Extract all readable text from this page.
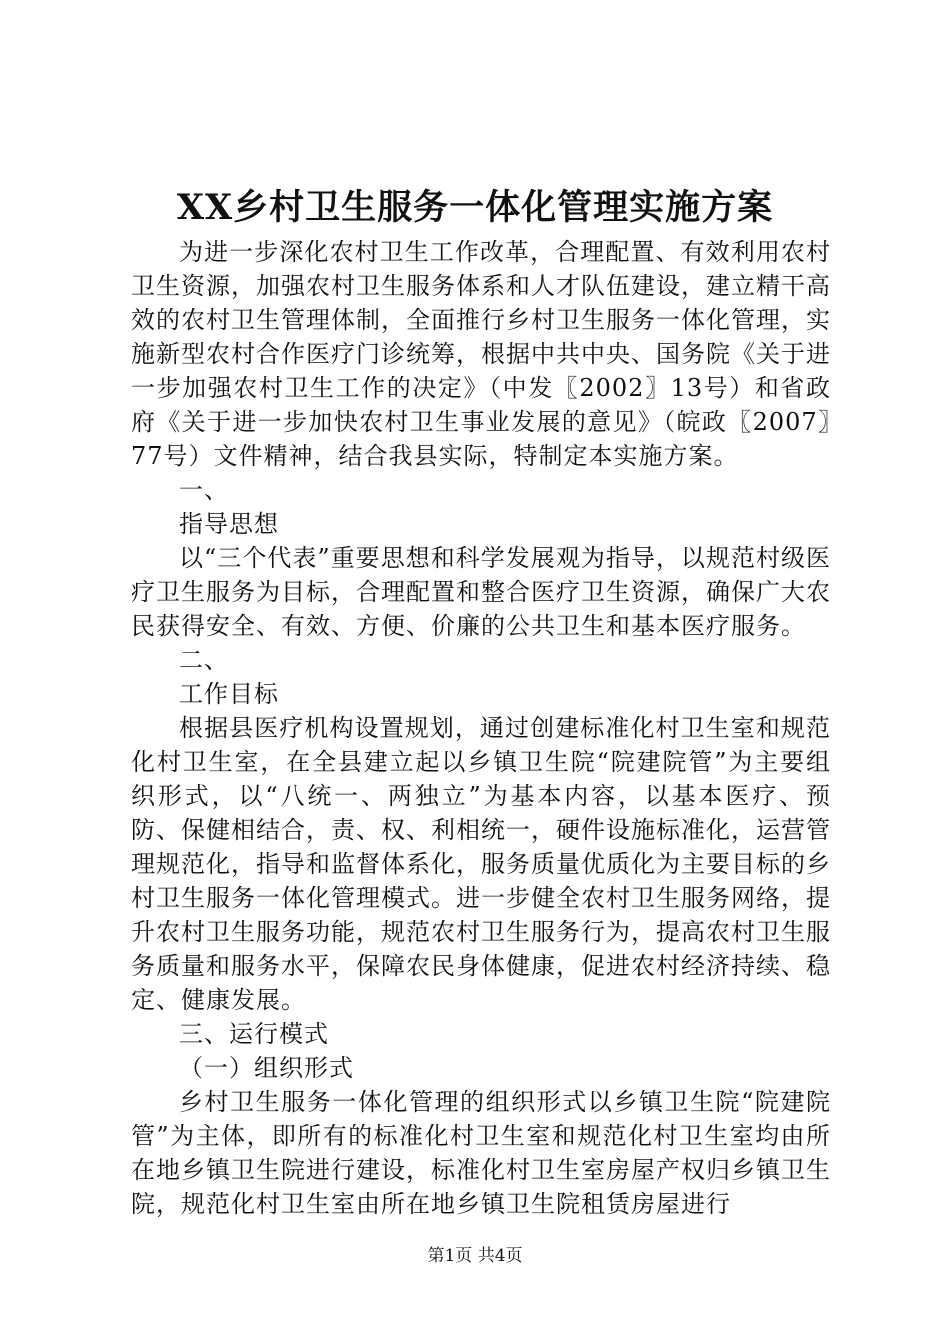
XX乡村卫生服务一体化管理实施方案

为进一步深化农村卫生工作改革，合理配置、有效利用农村卫生资源，加强农村卫生服务体系和人才队伍建设，建立精干高效的农村卫生管理体制，全面推行乡村卫生服务一体化管理，实施新型农村合作医疗门诊统筹，根据中共中央、国务院《关于进一步加强农村卫生工作的决定》（中发〖2002〗13号）和省政府《关于进一步加快农村卫生事业发展的意见》（皖政〖2007〗77号）文件精神，结合我县实际，特制定本实施方案。

一、

指导思想

以“三个代表”重要思想和科学发展观为指导，以规范村级医疗卫生服务为目标，合理配置和整合医疗卫生资源，确保广大农民获得安全、有效、方便、价廉的公共卫生和基本医疗服务。

二、

工作目标

根据县医疗机构设置规划，通过创建标准化村卫生室和规范化村卫生室，在全县建立起以乡镇卫生院“院建院管”为主要组织形式，以“八统一、两独立”为基本内容，以基本医疗、预防、保健相结合，责、权、利相统一，硬件设施标准化，运营管理规范化，指导和监督体系化，服务质量优质化为主要目标的乡村卫生服务一体化管理模式。进一步健全农村卫生服务网络，提升农村卫生服务功能，规范农村卫生服务行为，提高农村卫生服务质量和服务水平，保障农民身体健康，促进农村经济持续、稳定、健康发展。

三、运行模式

（一）组织形式

乡村卫生服务一体化管理的组织形式以乡镇卫生院“院建院管”为主体，即所有的标准化村卫生室和规范化村卫生室均由所在地乡镇卫生院进行建设，标准化村卫生室房屋产权归乡镇卫生院，规范化村卫生室由所在地乡镇卫生院租赁房屋进行

第1页 共4页
